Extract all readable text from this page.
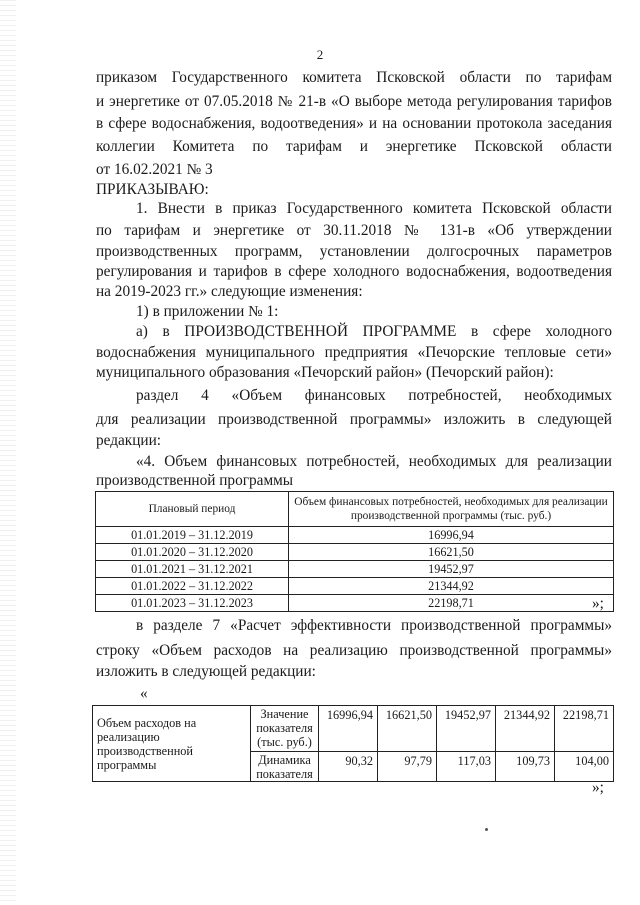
2
приказом Государственного комитета Псковской области по тарифам
и энергетике от 07.05.2018 № 21-в «О выборе метода регулирования тарифов
в сфере водоснабжения, водоотведения» и на основании протокола заседания
коллегии Комитета по тарифам и энергетике Псковской области
от 16.02.2021 № 3
ПРИКАЗЫВАЮ:
1. Внести в приказ Государственного комитета Псковской области
по тарифам и энергетике от 30.11.2018 № 131-в «Об утверждении
производственных программ, установлении долгосрочных параметров
регулирования и тарифов в сфере холодного водоснабжения, водоотведения
на 2019-2023 гг.» следующие изменения:
1) в приложении № 1:
а) в ПРОИЗВОДСТВЕННОЙ ПРОГРАММЕ в сфере холодного
водоснабжения муниципального предприятия «Печорские тепловые сети»
муниципального образования «Печорский район» (Печорский район):
раздел 4 «Объем финансовых потребностей, необходимых
для реализации производственной программы» изложить в следующей
редакции:
«4. Объем финансовых потребностей, необходимых для реализации
производственной программы
Плановый период	Объем финансовых потребностей, необходимых для реализации производственной программы (тыс. руб.)
01.01.2019 – 31.12.2019	16996,94
01.01.2020 – 31.12.2020	16621,50
01.01.2021 – 31.12.2021	19452,97
01.01.2022 – 31.12.2022	21344,92
01.01.2023 – 31.12.2023	22198,71	»;
в разделе 7 «Расчет эффективности производственной программы»
строку «Объем расходов на реализацию производственной программы»
изложить в следующей редакции:
«
Объем расходов на реализацию производственной программы	Значение показателя (тыс. руб.)	16996,94	16621,50	19452,97	21344,92	22198,71
	Динамика показателя	90,32	97,79	117,03	109,73	104,00
»;
